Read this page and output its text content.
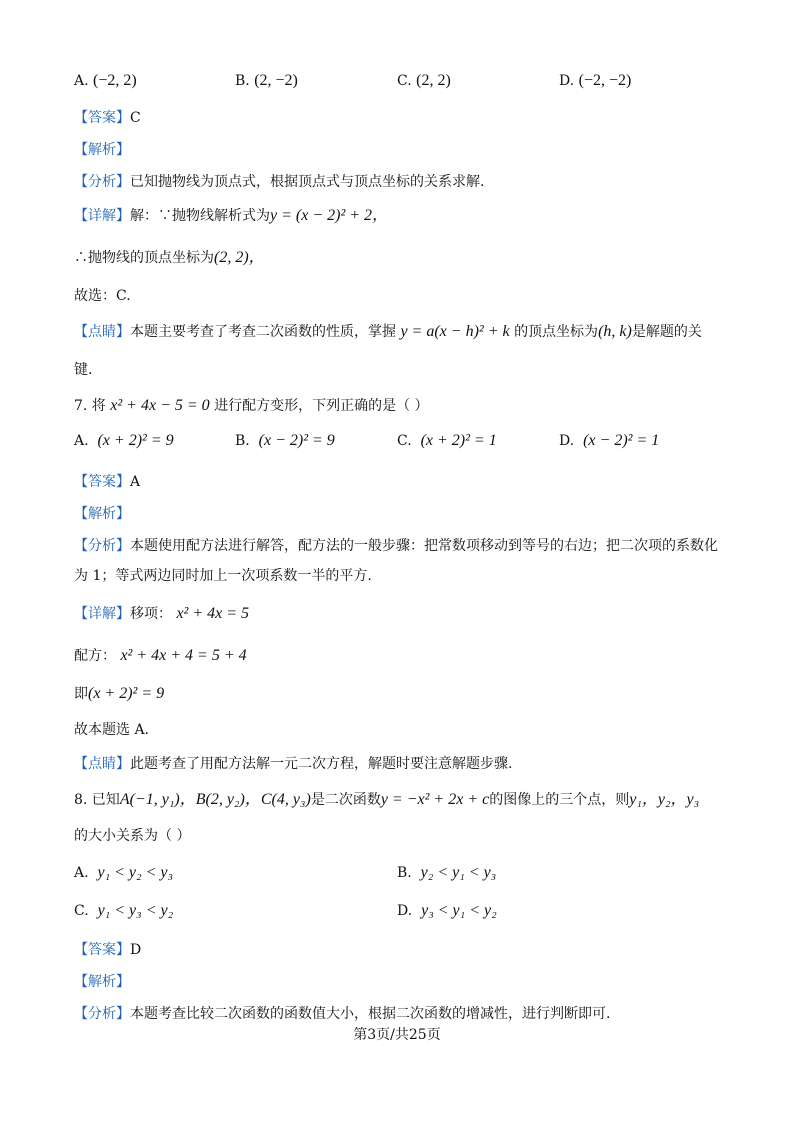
A. (−2, 2)	B. (2, −2)	C. (2, 2)	D. (−2, −2)
【答案】C
【解析】
【分析】已知抛物线为顶点式，根据顶点式与顶点坐标的关系求解.
【详解】解：∵抛物线解析式为y = (x − 2)² + 2，
∴抛物线的顶点坐标为(2, 2)，
故选：C.
【点睛】本题主要考查了考查二次函数的性质，掌握 y = a(x − h)² + k 的顶点坐标为(h, k)是解题的关
键.
7. 将 x² + 4x − 5 = 0 进行配方变形，下列正确的是（ ）
A. (x + 2)² = 9	B. (x − 2)² = 9	C. (x + 2)² = 1	D. (x − 2)² = 1
【答案】A
【解析】
【分析】本题使用配方法进行解答，配方法的一般步骤：把常数项移动到等号的右边；把二次项的系数化
为 1；等式两边同时加上一次项系数一半的平方.
【详解】移项： x² + 4x = 5
配方： x² + 4x + 4 = 5 + 4
即(x + 2)² = 9
故本题选 A.
【点睛】此题考查了用配方法解一元二次方程，解题时要注意解题步骤.
8. 已知A(−1, y₁)，B(2, y₂)，C(4, y₃)是二次函数y = −x² + 2x + c的图像上的三个点，则y₁，y₂，y₃
的大小关系为（ ）
A. y₁ < y₂ < y₃	B. y₂ < y₁ < y₃
C. y₁ < y₃ < y₂	D. y₃ < y₁ < y₂
【答案】D
【解析】
【分析】本题考查比较二次函数的函数值大小，根据二次函数的增减性，进行判断即可.
第3页/共25页
